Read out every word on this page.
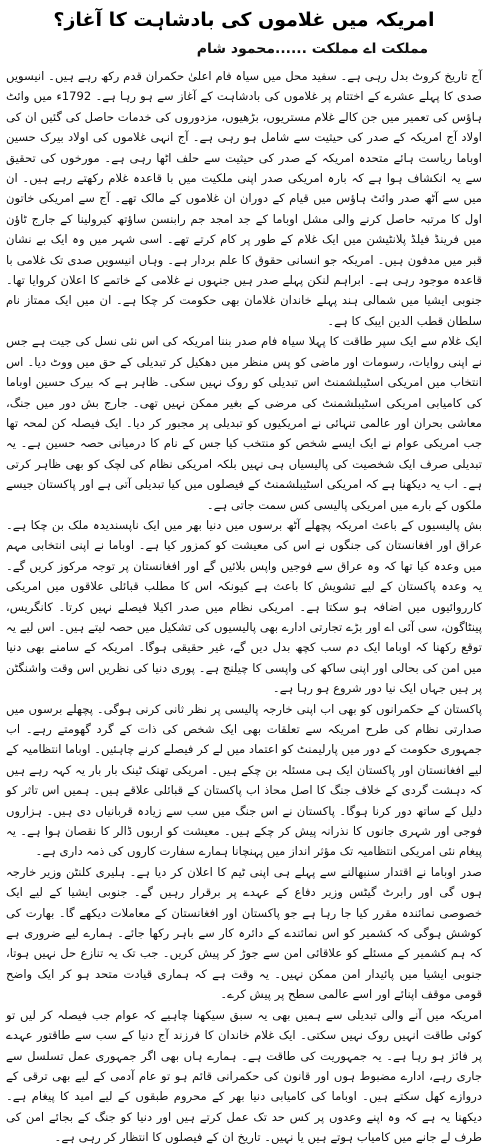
امریکہ میں غلاموں کی بادشاہت کا آغاز؟
مملکت اے مملکت ......محمود شام

آج تاریخ کروٹ بدل رہی ہے۔ سفید محل میں سیاہ فام اعلیٰ حکمران قدم رکھ رہے ہیں۔ انیسویں صدی کا پہلے عشرے کے اختتام پر غلاموں کی بادشاہت کے آغاز سے ہو رہا ہے۔ 1792ء میں وائٹ ہاؤس کی تعمیر میں جن کالے غلام مستریوں، بڑھیوں، مزدوروں کی خدمات حاصل کی گئیں ان کی اولاد آج امریکہ کے صدر کی حیثیت سے شامل ہو رہی ہے۔ آج انہی غلاموں کی اولاد بیرک حسین اوباما ریاست ہائے متحدہ امریکہ کے صدر کی حیثیت سے حلف اٹھا رہی ہے۔ مورخوں کی تحقیق سے یہ انکشاف ہوا ہے کہ بارہ امریکی صدر اپنی ملکیت میں با قاعدہ غلام رکھتے رہے ہیں۔ ان میں سے آٹھ صدر وائٹ ہاؤس میں قیام کے دوران ان غلاموں کے مالک تھے۔ آج سے امریکی خاتون اول کا مرتبہ حاصل کرنے والی مشل اوباما کے جد امجد جم رابنسن ساؤتھ کیرولینا کے جارج ٹاؤن میں فرینڈ فیلڈ پلانٹیشن میں ایک غلام کے طور پر کام کرتے تھے۔ اسی شہر میں وہ ایک بے نشان قبر میں مدفون ہیں۔ امریکہ جو انسانی حقوق کا علم بردار ہے۔ وہاں انیسویں صدی تک غلامی با قاعدہ موجود رہی ہے۔ ابراہم لنکن پہلے صدر ہیں جنہوں نے غلامی کے خاتمے کا اعلان کروایا تھا۔ جنوبی ایشیا میں شمالی ہند پہلے خاندان غلامان بھی حکومت کر چکا ہے۔ ان میں ایک ممتاز نام سلطان قطب الدین ایبک کا ہے۔

ایک غلام سے ایک سپر طاقت کا پہلا سیاہ فام صدر بننا امریکہ کی اس نئی نسل کی جیت ہے جس نے اپنی روایات، رسومات اور ماضی کو پس منظر میں دھکیل کر تبدیلی کے حق میں ووٹ دیا۔ اس انتخاب میں امریکی اسٹیبلشمنٹ اس تبدیلی کو روک نہیں سکی۔ ظاہر ہے کہ بیرک حسین اوباما کی کامیابی امریکی اسٹیبلشمنٹ کی مرضی کے بغیر ممکن نہیں تھی۔ جارج بش دور میں جنگ، معاشی بحران اور عالمی تنہائی نے امریکیوں کو تبدیلی پر مجبور کر دیا۔ ایک فیصلہ کن لمحہ تھا جب امریکی عوام نے ایک ایسے شخص کو منتخب کیا جس کے نام کا درمیانی حصہ حسین ہے۔ یہ تبدیلی صرف ایک شخصیت کی پالیسیاں ہی نہیں بلکہ امریکی نظام کی لچک کو بھی ظاہر کرتی ہے۔ اب یہ دیکھنا ہے کہ امریکی اسٹیبلشمنٹ کے فیصلوں میں کیا تبدیلی آتی ہے اور پاکستان جیسے ملکوں کے بارے میں امریکی پالیسی کس سمت جاتی ہے۔

بش پالیسیوں کے باعث امریکہ پچھلے آٹھ برسوں میں دنیا بھر میں ایک ناپسندیدہ ملک بن چکا ہے۔ عراق اور افغانستان کی جنگوں نے اس کی معیشت کو کمزور کیا ہے۔ اوباما نے اپنی انتخابی مہم میں وعدہ کیا تھا کہ وہ عراق سے فوجیں واپس بلائیں گے اور افغانستان پر توجہ مرکوز کریں گے۔ یہ وعدہ پاکستان کے لیے تشویش کا باعث ہے کیونکہ اس کا مطلب قبائلی علاقوں میں امریکی کارروائیوں میں اضافہ ہو سکتا ہے۔ امریکی نظام میں صدر اکیلا فیصلے نہیں کرتا۔ کانگریس، پینٹاگون، سی آئی اے اور بڑے تجارتی ادارے بھی پالیسیوں کی تشکیل میں حصہ لیتے ہیں۔ اس لیے یہ توقع رکھنا کہ اوباما ایک دم سب کچھ بدل دیں گے، غیر حقیقی ہوگا۔ امریکہ کے سامنے بھی دنیا میں امن کی بحالی اور اپنی ساکھ کی واپسی کا چیلنج ہے۔ پوری دنیا کی نظریں اس وقت واشنگٹن پر ہیں جہاں ایک نیا دور شروع ہو رہا ہے۔

پاکستان کے حکمرانوں کو بھی اب اپنی خارجہ پالیسی پر نظر ثانی کرنی ہوگی۔ پچھلے برسوں میں صدارتی نظام کی طرح امریکہ سے تعلقات بھی ایک شخص کی ذات کے گرد گھومتے رہے۔ اب جمہوری حکومت کے دور میں پارلیمنٹ کو اعتماد میں لے کر فیصلے کرنے چاہئیں۔ اوباما انتظامیہ کے لیے افغانستان اور پاکستان ایک ہی مسئلہ بن چکے ہیں۔ امریکی تھنک ٹینک بار بار یہ کہہ رہے ہیں کہ دہشت گردی کے خلاف جنگ کا اصل محاذ اب پاکستان کے قبائلی علاقے ہیں۔ ہمیں اس تاثر کو دلیل کے ساتھ دور کرنا ہوگا۔ پاکستان نے اس جنگ میں سب سے زیادہ قربانیاں دی ہیں۔ ہزاروں فوجی اور شہری جانوں کا نذرانہ پیش کر چکے ہیں۔ معیشت کو اربوں ڈالر کا نقصان ہوا ہے۔ یہ پیغام نئی امریکی انتظامیہ تک مؤثر انداز میں پہنچانا ہمارے سفارت کاروں کی ذمہ داری ہے۔

صدر اوباما نے اقتدار سنبھالنے سے پہلے ہی اپنی ٹیم کا اعلان کر دیا ہے۔ ہلیری کلنٹن وزیر خارجہ ہوں گی اور رابرٹ گیٹس وزیر دفاع کے عہدے پر برقرار رہیں گے۔ جنوبی ایشیا کے لیے ایک خصوصی نمائندہ مقرر کیا جا رہا ہے جو پاکستان اور افغانستان کے معاملات دیکھے گا۔ بھارت کی کوشش ہوگی کہ کشمیر کو اس نمائندے کے دائرہ کار سے باہر رکھا جائے۔ ہمارے لیے ضروری ہے کہ ہم کشمیر کے مسئلے کو علاقائی امن سے جوڑ کر پیش کریں۔ جب تک یہ تنازع حل نہیں ہوتا، جنوبی ایشیا میں پائیدار امن ممکن نہیں۔ یہ وقت ہے کہ ہماری قیادت متحد ہو کر ایک واضح قومی موقف اپنائے اور اسے عالمی سطح پر پیش کرے۔

امریکہ میں آنے والی تبدیلی سے ہمیں بھی یہ سبق سیکھنا چاہیے کہ عوام جب فیصلہ کر لیں تو کوئی طاقت انہیں روک نہیں سکتی۔ ایک غلام خاندان کا فرزند آج دنیا کے سب سے طاقتور عہدے پر فائز ہو رہا ہے۔ یہ جمہوریت کی طاقت ہے۔ ہمارے ہاں بھی اگر جمہوری عمل تسلسل سے جاری رہے، ادارے مضبوط ہوں اور قانون کی حکمرانی قائم ہو تو عام آدمی کے لیے بھی ترقی کے دروازے کھل سکتے ہیں۔ اوباما کی کامیابی دنیا بھر کے محروم طبقوں کے لیے امید کا پیغام ہے۔ دیکھنا یہ ہے کہ وہ اپنے وعدوں پر کس حد تک عمل کرتے ہیں اور دنیا کو جنگ کے بجائے امن کی طرف لے جانے میں کامیاب ہوتے ہیں یا نہیں۔ تاریخ ان کے فیصلوں کا انتظار کر رہی ہے۔
